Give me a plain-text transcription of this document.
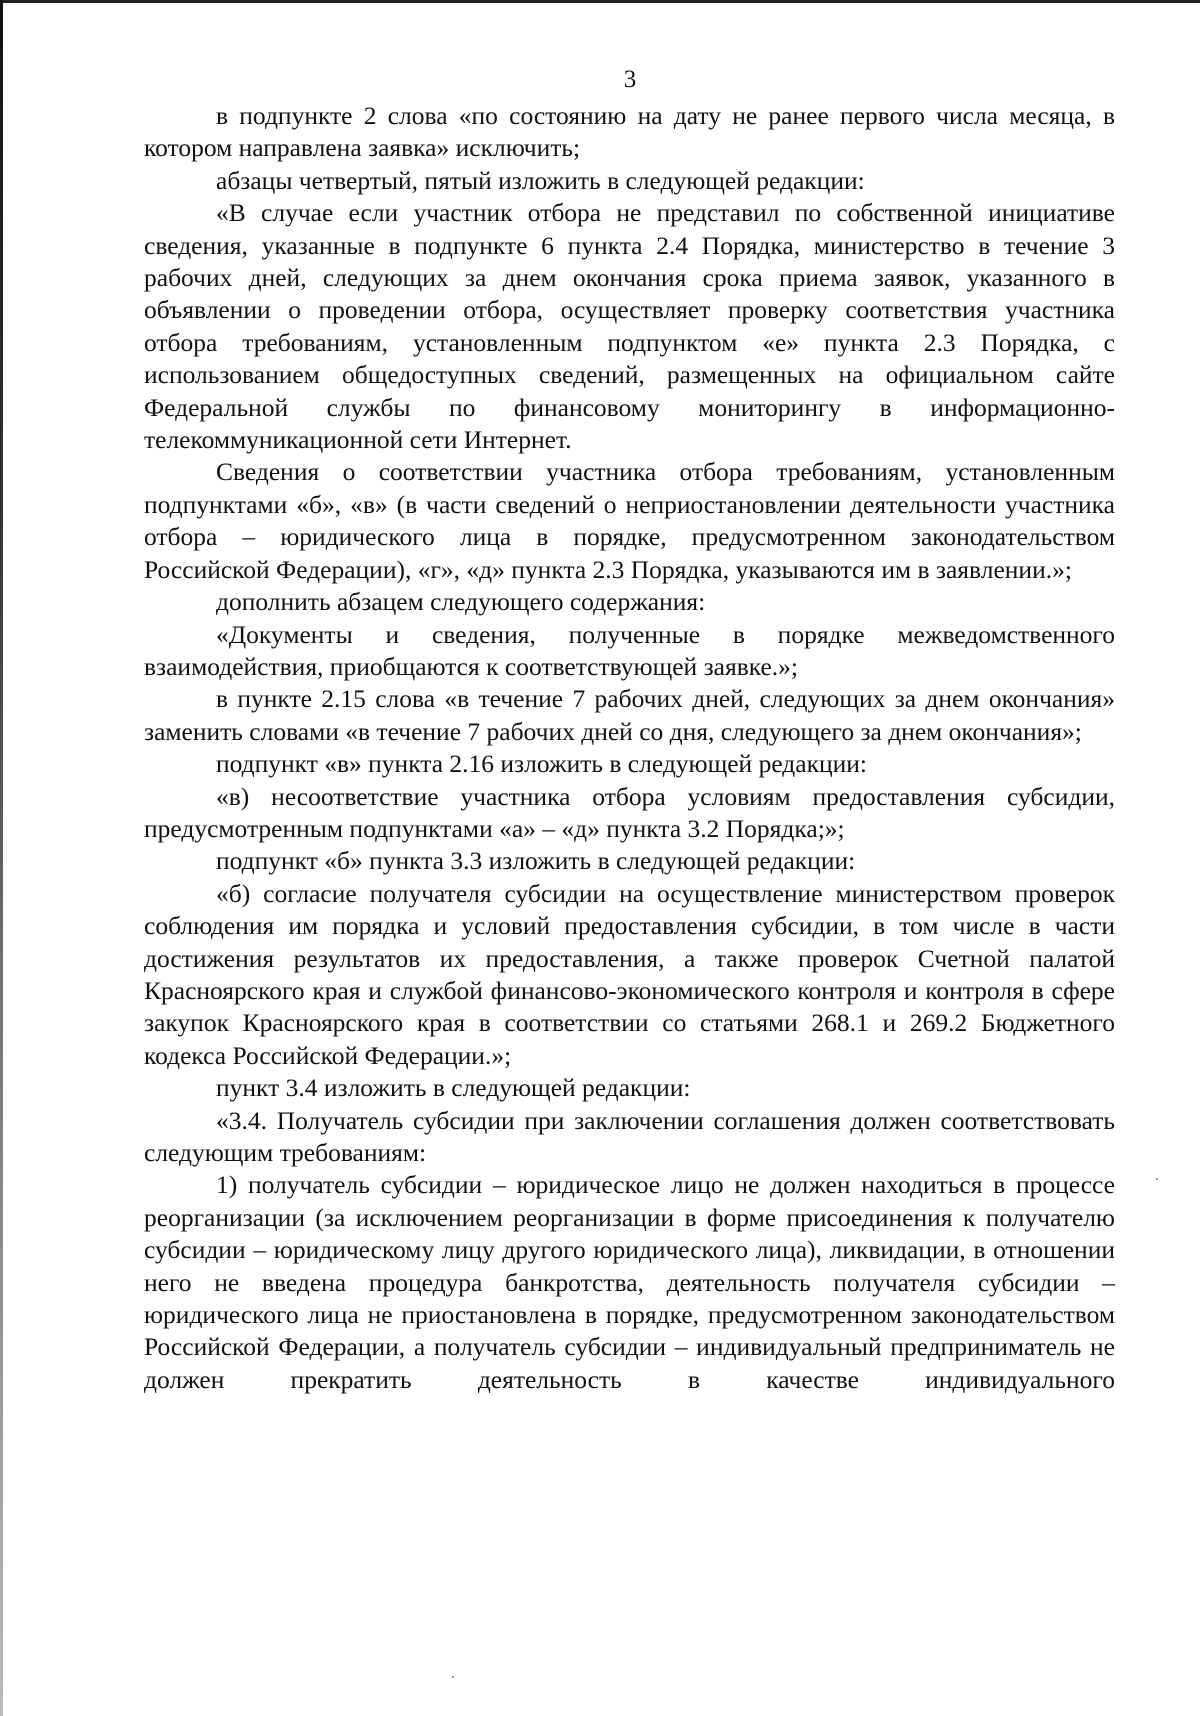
3

в подпункте 2 слова «по состоянию на дату не ранее первого числа месяца, в котором направлена заявка» исключить;

абзацы четвертый, пятый изложить в следующей редакции:

«В случае если участник отбора не представил по собственной инициативе сведения, указанные в подпункте 6 пункта 2.4 Порядка, министерство в течение 3 рабочих дней, следующих за днем окончания срока приема заявок, указанного в объявлении о проведении отбора, осуществляет проверку соответствия участника отбора требованиям, установленным подпунктом «е» пункта 2.3 Порядка, с использованием общедоступных сведений, размещенных на официальном сайте Федеральной службы по финансовому мониторингу в информационно-телекоммуникационной сети Интернет.

Сведения о соответствии участника отбора требованиям, установленным подпунктами «б», «в» (в части сведений о неприостановлении деятельности участника отбора – юридического лица в порядке, предусмотренном законодательством Российской Федерации), «г», «д» пункта 2.3 Порядка, указываются им в заявлении.»;

дополнить абзацем следующего содержания:

«Документы и сведения, полученные в порядке межведомственного взаимодействия, приобщаются к соответствующей заявке.»;

в пункте 2.15 слова «в течение 7 рабочих дней, следующих за днем окончания» заменить словами «в течение 7 рабочих дней со дня, следующего за днем окончания»;

подпункт «в» пункта 2.16 изложить в следующей редакции:

«в) несоответствие участника отбора условиям предоставления субсидии, предусмотренным подпунктами «а» – «д» пункта 3.2 Порядка;»;

подпункт «б» пункта 3.3 изложить в следующей редакции:

«б) согласие получателя субсидии на осуществление министерством проверок соблюдения им порядка и условий предоставления субсидии, в том числе в части достижения результатов их предоставления, а также проверок Счетной палатой Красноярского края и службой финансово-экономического контроля и контроля в сфере закупок Красноярского края в соответствии со статьями 268.1 и 269.2 Бюджетного кодекса Российской Федерации.»;

пункт 3.4 изложить в следующей редакции:

«3.4. Получатель субсидии при заключении соглашения должен соответствовать следующим требованиям:

1) получатель субсидии – юридическое лицо не должен находиться в процессе реорганизации (за исключением реорганизации в форме присоединения к получателю субсидии – юридическому лицу другого юридического лица), ликвидации, в отношении него не введена процедура банкротства, деятельность получателя субсидии – юридического лица не приостановлена в порядке, предусмотренном законодательством Российской Федерации, а получатель субсидии – индивидуальный предприниматель не должен прекратить деятельность в качестве индивидуального
